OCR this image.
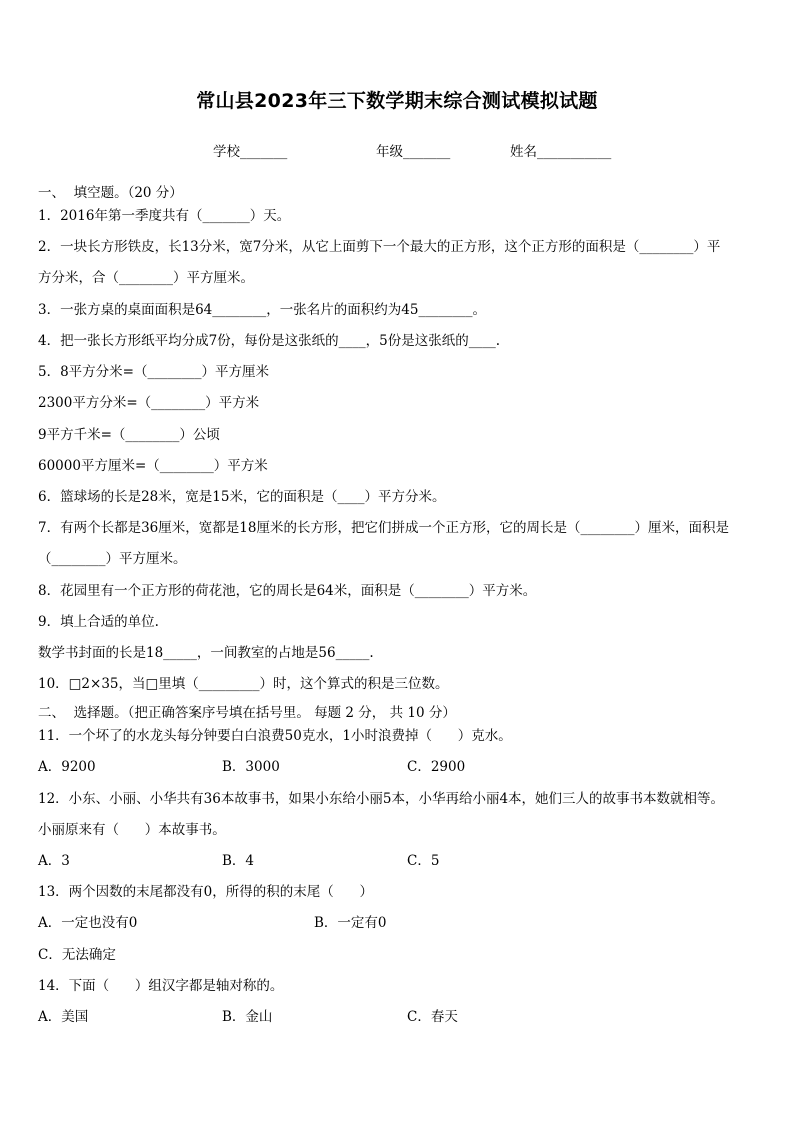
常山县2023年三下数学期末综合测试模拟试题
学校_______	年级_______	姓名___________
一、  填空题。（20 分）
1．2016年第一季度共有（_______）天。
2．一块长方形铁皮，长13分米，宽7分米，从它上面剪下一个最大的正方形，这个正方形的面积是（________）平
方分米，合（________）平方厘米。
3．一张方桌的桌面面积是64________，一张名片的面积约为45________。
4．把一张长方形纸平均分成7份，每份是这张纸的____，5份是这张纸的____.
5．8平方分米=（________）平方厘米
2300平方分米=（________）平方米
9平方千米=（________）公顷
60000平方厘米=（________）平方米
6．篮球场的长是28米，宽是15米，它的面积是（____）平方分米。
7．有两个长都是36厘米，宽都是18厘米的长方形，把它们拼成一个正方形，它的周长是（________）厘米，面积是
（________）平方厘米。
8．花园里有一个正方形的荷花池，它的周长是64米，面积是（________）平方米。
9．填上合适的单位.
数学书封面的长是18_____，一间教室的占地是56_____.
10．□2×35，当□里填（_________）时，这个算式的积是三位数。
二、  选择题。（把正确答案序号填在括号里。 每题 2 分， 共 10 分）
11．一个坏了的水龙头每分钟要白白浪费50克水，1小时浪费掉（      ）克水。
A．9200	B．3000	C．2900
12．小东、小丽、小华共有36本故事书，如果小东给小丽5本，小华再给小丽4本，她们三人的故事书本数就相等。
小丽原来有（      ）本故事书。
A．3	B．4	C．5
13．两个因数的末尾都没有0，所得的积的末尾（      ）
A．一定也没有0	B．一定有0
C．无法确定
14．下面（      ）组汉字都是轴对称的。
A．美国	B．金山	C．春天
